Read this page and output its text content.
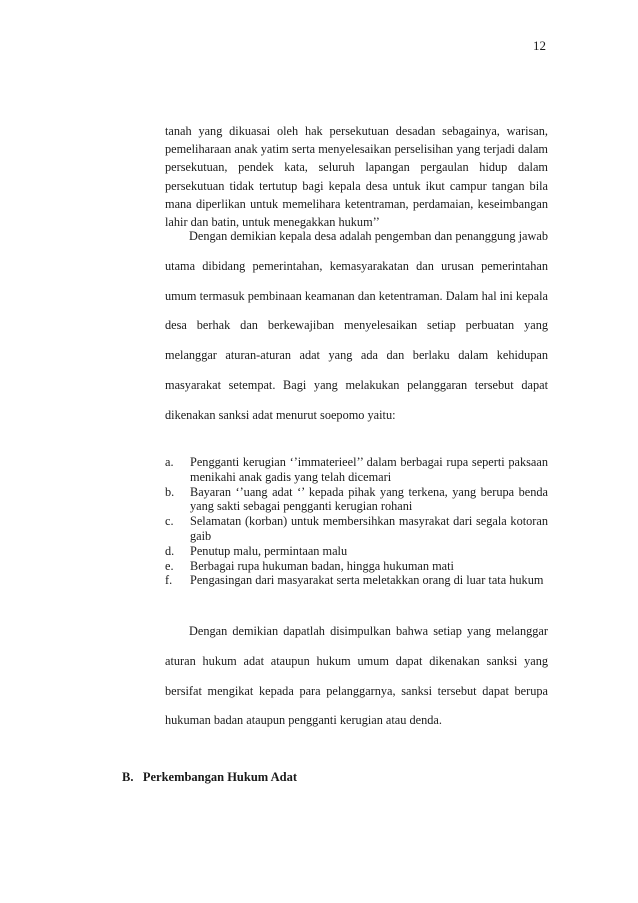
12
tanah yang dikuasai oleh hak persekutuan desadan sebagainya, warisan, pemeliharaan anak yatim serta menyelesaikan perselisihan yang terjadi dalam persekutuan, pendek kata, seluruh lapangan pergaulan hidup dalam persekutuan tidak tertutup bagi kepala desa untuk ikut campur tangan bila mana diperlikan untuk memelihara ketentraman, perdamaian, keseimbangan lahir dan batin, untuk menegakkan hukum’’
Dengan demikian kepala desa adalah pengemban dan penanggung jawab utama dibidang pemerintahan, kemasyarakatan dan urusan pemerintahan umum termasuk pembinaan keamanan dan ketentraman. Dalam hal ini kepala desa berhak dan berkewajiban menyelesaikan setiap perbuatan yang melanggar aturan-aturan adat yang ada dan berlaku dalam kehidupan masyarakat setempat. Bagi yang melakukan pelanggaran tersebut dapat dikenakan sanksi adat menurut soepomo yaitu:
a. Pengganti kerugian ‘’immaterieel’’ dalam berbagai rupa seperti paksaan menikahi anak gadis yang telah dicemari
b. Bayaran ‘’uang adat ‘’ kepada pihak yang terkena, yang berupa benda yang sakti sebagai pengganti kerugian rohani
c. Selamatan (korban) untuk membersihkan masyrakat dari segala kotoran gaib
d. Penutup malu, permintaan malu
e. Berbagai rupa hukuman badan, hingga hukuman mati
f. Pengasingan dari masyarakat serta meletakkan orang di luar tata hukum
Dengan demikian dapatlah disimpulkan bahwa setiap yang melanggar aturan hukum adat ataupun hukum umum dapat dikenakan sanksi yang bersifat mengikat kepada para pelanggarnya, sanksi tersebut dapat berupa hukuman badan ataupun pengganti kerugian atau denda.
B.   Perkembangan Hukum Adat
